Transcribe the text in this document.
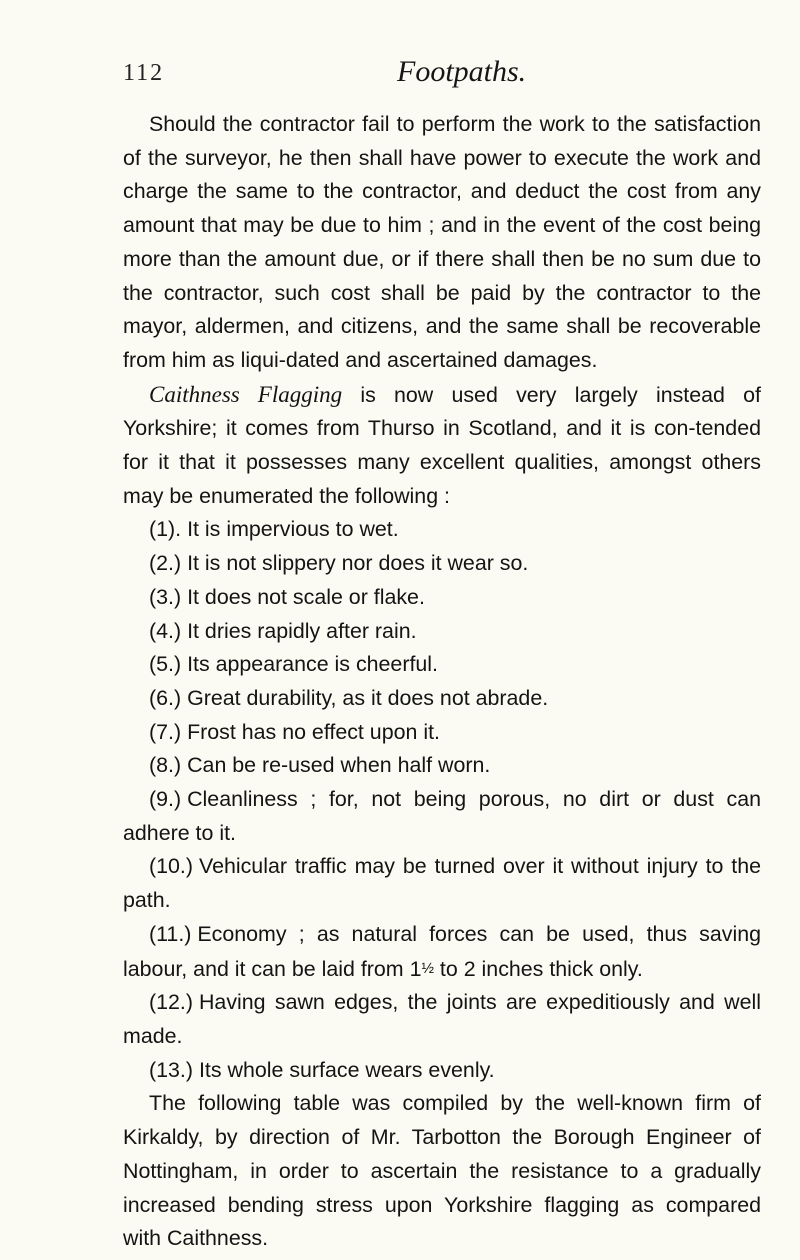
112	Footpaths.

Should the contractor fail to perform the work to the satisfaction of the surveyor, he then shall have power to execute the work and charge the same to the contractor, and deduct the cost from any amount that may be due to him ; and in the event of the cost being more than the amount due, or if there shall then be no sum due to the contractor, such cost shall be paid by the contractor to the mayor, aldermen, and citizens, and the same shall be recoverable from him as liqui-dated and ascertained damages.

Caithness Flagging is now used very largely instead of Yorkshire; it comes from Thurso in Scotland, and it is con-tended for it that it possesses many excellent qualities, amongst others may be enumerated the following :

(1). It is impervious to wet.

(2.) It is not slippery nor does it wear so.

(3.) It does not scale or flake.

(4.) It dries rapidly after rain.

(5.) Its appearance is cheerful.

(6.) Great durability, as it does not abrade.

(7.) Frost has no effect upon it.

(8.) Can be re-used when half worn.

(9.) Cleanliness ; for, not being porous, no dirt or dust can adhere to it.

(10.) Vehicular traffic may be turned over it without injury to the path.

(11.) Economy ; as natural forces can be used, thus saving labour, and it can be laid from 1½ to 2 inches thick only.

(12.) Having sawn edges, the joints are expeditiously and well made.

(13.) Its whole surface wears evenly.

The following table was compiled by the well-known firm of Kirkaldy, by direction of Mr. Tarbotton the Borough Engineer of Nottingham, in order to ascertain the resistance to a gradually increased bending stress upon Yorkshire flagging as compared with Caithness.
